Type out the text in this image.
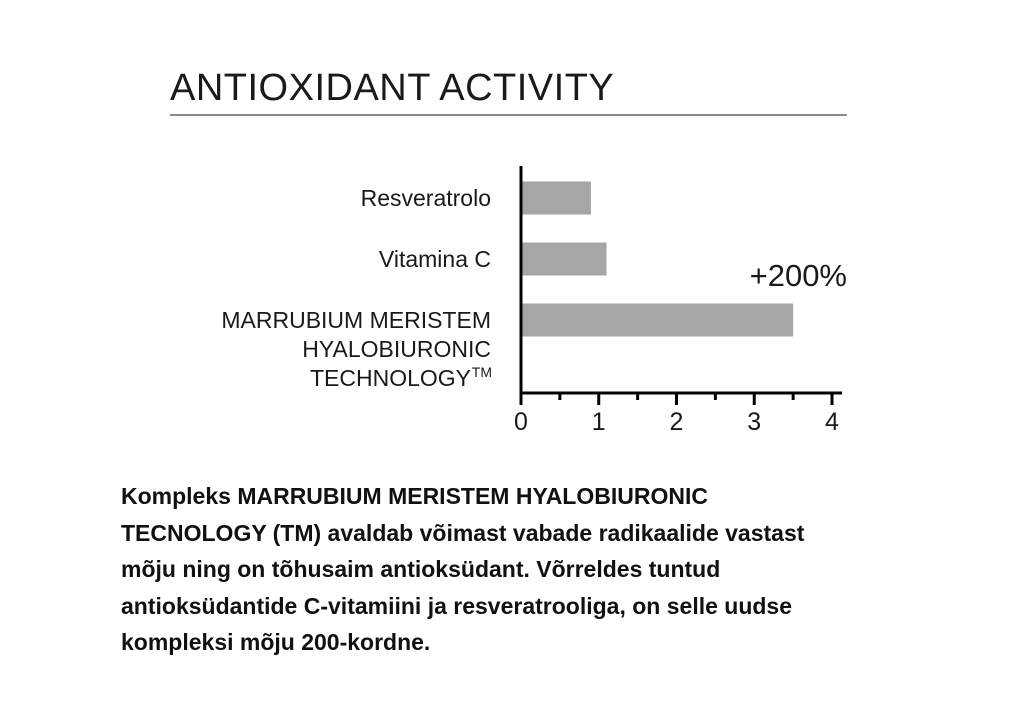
ANTIOXIDANT ACTIVITY
Resveratrolo
Vitamina C
MARRUBIUM MERISTEM
HYALOBIURONIC
TECHNOLOGY TM
0	1	2	3	4
+200%
Kompleks MARRUBIUM MERISTEM HYALOBIURONIC
TECNOLOGY (TM) avaldab võimast vabade radikaalide vastast
mõju ning on tõhusaim antioksüdant. Võrreldes tuntud
antioksüdantide C-vitamiini ja resveratrooliga, on selle uudse
kompleksi mõju 200-kordne.
